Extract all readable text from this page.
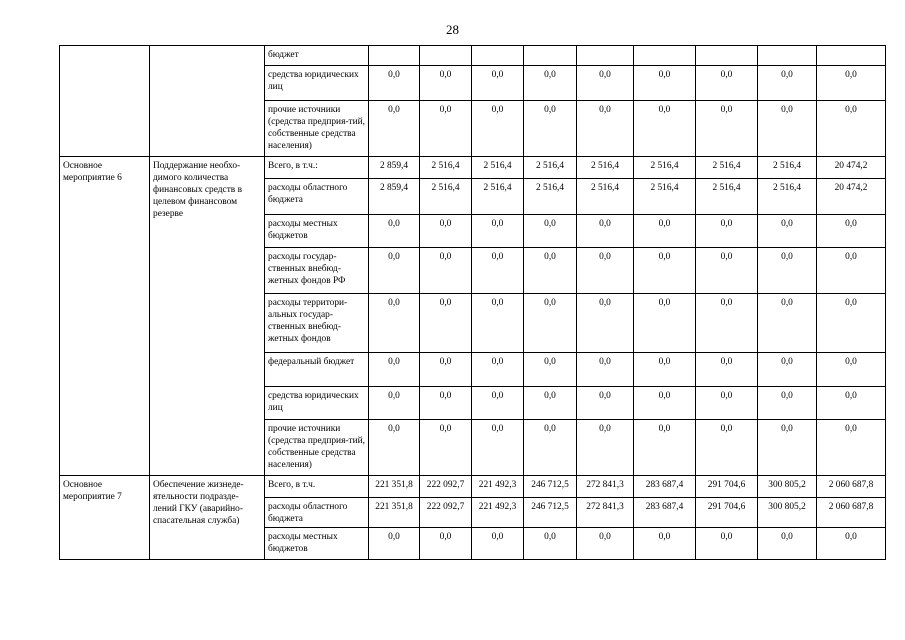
28
		бюджет									
		средства юридических лиц	0,0	0,0	0,0	0,0	0,0	0,0	0,0	0,0	0,0
		прочие источники (средства предприя-тий, собственные средства населения)	0,0	0,0	0,0	0,0	0,0	0,0	0,0	0,0	0,0
Основное мероприятие 6	Поддержание необхо-димого количества финансовых средств в целевом финансовом резерве	Всего, в т.ч.:	2 859,4	2 516,4	2 516,4	2 516,4	2 516,4	2 516,4	2 516,4	2 516,4	20 474,2
		расходы областного бюджета	2 859,4	2 516,4	2 516,4	2 516,4	2 516,4	2 516,4	2 516,4	2 516,4	20 474,2
		расходы местных бюджетов	0,0	0,0	0,0	0,0	0,0	0,0	0,0	0,0	0,0
		расходы государ-ственных внебюд-жетных фондов РФ	0,0	0,0	0,0	0,0	0,0	0,0	0,0	0,0	0,0
		расходы территори-альных государ-ственных внебюд-жетных фондов	0,0	0,0	0,0	0,0	0,0	0,0	0,0	0,0	0,0
		федеральный бюджет	0,0	0,0	0,0	0,0	0,0	0,0	0,0	0,0	0,0
		средства юридических лиц	0,0	0,0	0,0	0,0	0,0	0,0	0,0	0,0	0,0
		прочие источники (средства предприя-тий, собственные средства населения)	0,0	0,0	0,0	0,0	0,0	0,0	0,0	0,0	0,0
Основное мероприятие 7	Обеспечение жизнеде-ятельности подразде-лений ГКУ (аварийно-спасательная служба)	Всего, в т.ч.	221 351,8	222 092,7	221 492,3	246 712,5	272 841,3	283 687,4	291 704,6	300 805,2	2 060 687,8
		расходы областного бюджета	221 351,8	222 092,7	221 492,3	246 712,5	272 841,3	283 687,4	291 704,6	300 805,2	2 060 687,8
		расходы местных бюджетов	0,0	0,0	0,0	0,0	0,0	0,0	0,0	0,0	0,0
